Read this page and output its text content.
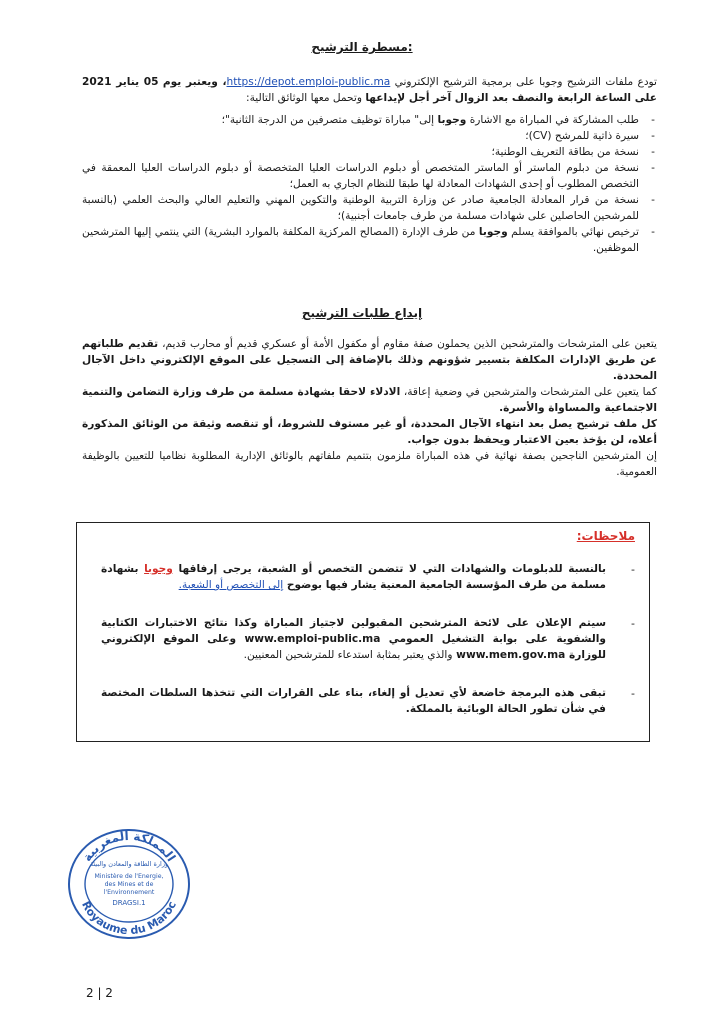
مسطرة الترشيح:

تودع ملفات الترشيح وجوبا على برمجية الترشيح الإلكتروني https://depot.emploi-public.ma، ويعتبر يوم 05 يناير 2021 على الساعة الرابعة والنصف بعد الزوال آخر أجل لإيداعها وتحمل معها الوثائق التالية:

- طلب المشاركة في المباراة مع الاشارة وجوبا إلى" مباراة توظيف متصرفين من الدرجة الثانية"؛
- سيرة ذاتية للمرشح (CV)؛
- نسخة من بطاقة التعريف الوطنية؛
- نسخة من دبلوم الماستر أو الماستر المتخصص أو دبلوم الدراسات العليا المتخصصة أو دبلوم الدراسات العليا المعمقة في التخصص المطلوب أو إحدى الشهادات المعادلة لها طبقا للنظام الجاري به العمل؛
- نسخة من قرار المعادلة الجامعية صادر عن وزارة التربية الوطنية والتكوين المهني والتعليم العالي والبحث العلمي (بالنسبة للمرشحين الحاصلين على شهادات مسلمة من طرف جامعات أجنبية)؛
- ترخيص نهائي بالموافقة يسلم وجوبا من طرف الإدارة (المصالح المركزية المكلفة بالموارد البشرية) التي ينتمي إليها المترشحين الموظفين.
إيداع طلبات الترشيح

يتعين على المترشحات والمترشحين الذين يحملون صفة مقاوم أو مكفول الأمة أو عسكري قديم أو محارب قديم، تقديم طلباتهم عن طريق الإدارات المكلفة بتسيير شؤونهم وذلك بالإضافة إلى التسجيل على الموقع الإلكتروني داخل الآجال المحددة.

كما يتعين على المترشحات والمترشحين في وضعية إعاقة، الادلاء لاحقا بشهادة مسلمة من طرف وزارة التضامن والتنمية الاجتماعية والمساواة والأسرة.

كل ملف ترشيح يصل بعد انتهاء الآجال المحددة، أو غير مستوف للشروط، أو تنقصه وثيقة من الوثائق المذكورة أعلاه، لن يؤخذ بعين الاعتبار ويحفظ بدون جواب.

إن المترشحين الناجحين بصفة نهائية في هذه المباراة ملزمون بتتميم ملفاتهم بالوثائق الإدارية المطلوبة نظاميا للتعيين بالوظيفة العمومية.

ملاحظات:
-
بالنسبة للدبلومات والشهادات التي لا تتضمن التخصص أو الشعبة، يرجى إرفاقها وجوبا بشهادة مسلمة من طرف المؤسسة الجامعية المعنية يشار فيها بوضوح إلى التخصص أو الشعبة.
-
سيتم الإعلان على لائحة المترشحين المقبولين لاجتياز المباراة وكذا نتائج الاختبارات الكتابية والشفوية على بوابة التشغيل العمومي www.emploi-public.ma وعلى الموقع الإلكتروني للوزارة www.mem.gov.ma والذي يعتبر بمثابة استدعاء للمترشحين المعنيين.
-
تبقى هذه البرمجة خاضعة لأي تعديل أو إلغاء، بناء على القرارات التي تتخذها السلطات المختصة في شأن تطور الحالة الوبائية بالمملكة.
المملكة المغربية
Royaume du Maroc
وزارة الطاقة والمعادن والبيئة
Ministère de l'Energie,
des Mines et de
l'Environnement
DRAGSI.1
2 | 2
